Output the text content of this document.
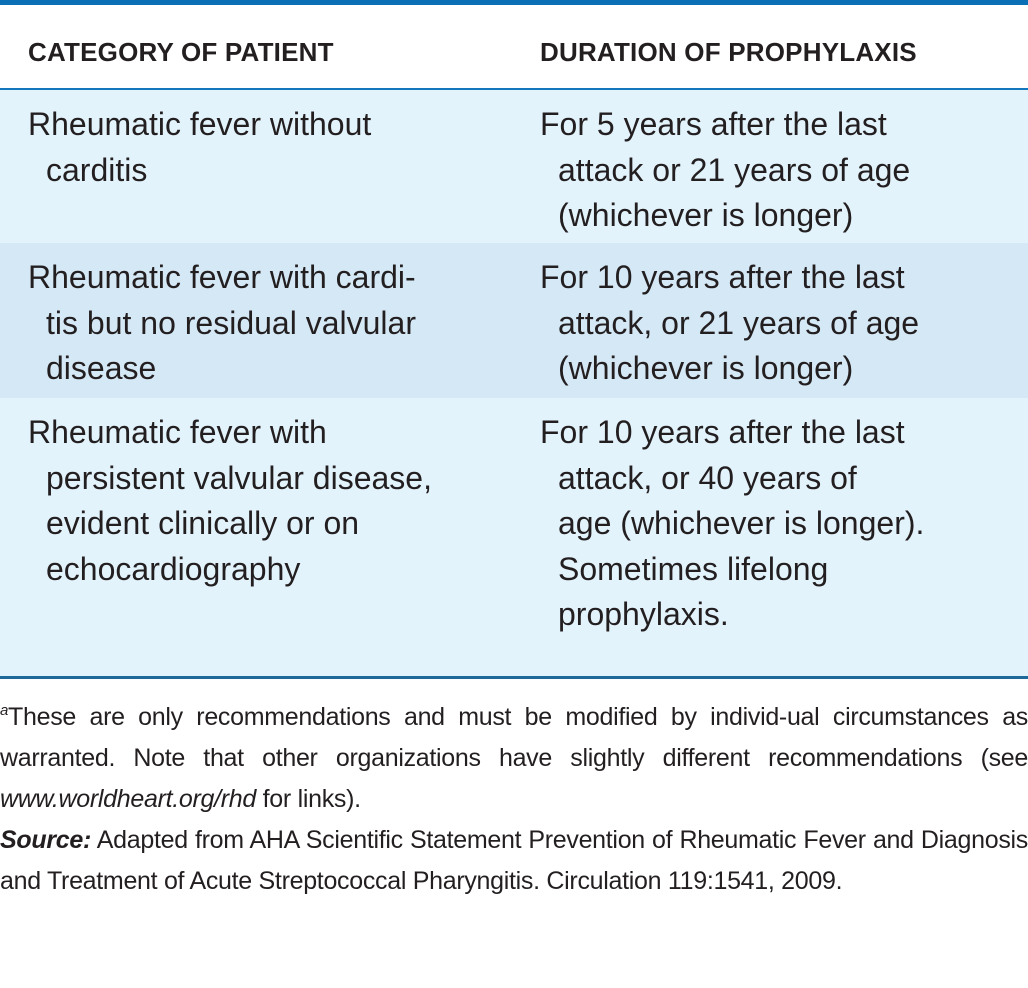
CATEGORY OF PATIENT	DURATION OF PROPHYLAXIS
Rheumatic fever without
carditis
For 5 years after the last
attack or 21 years of age
(whichever is longer)
Rheumatic fever with cardi-
tis but no residual valvular
disease
For 10 years after the last
attack, or 21 years of age
(whichever is longer)
Rheumatic fever with
persistent valvular disease,
evident clinically or on
echocardiography
For 10 years after the last
attack, or 40 years of
age (whichever is longer).
Sometimes lifelong
prophylaxis.

$^a$These are only recommendations and must be modified by individ-ual circumstances as warranted. Note that other organizations have slightly different recommendations (see www.worldheart.org/rhd for links).

Source: Adapted from AHA Scientific Statement Prevention of Rheumatic Fever and Diagnosis and Treatment of Acute Streptococcal Pharyngitis. Circulation 119:1541, 2009.
